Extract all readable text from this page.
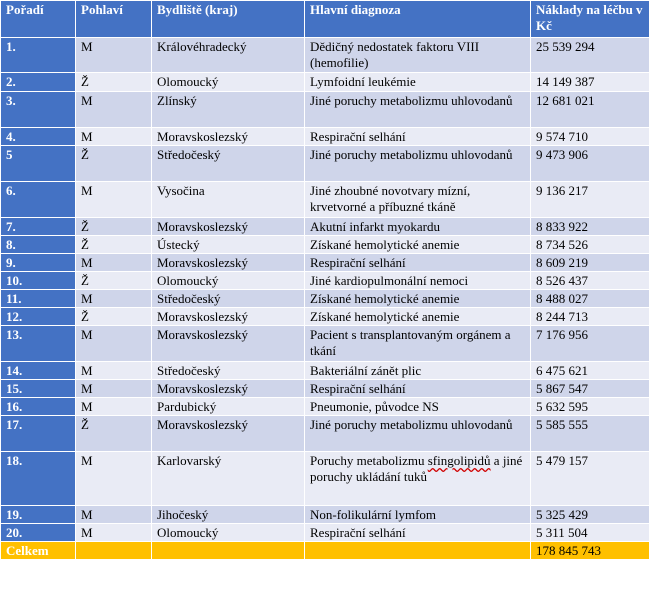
Pořadí	Pohlaví	Bydliště (kraj)	Hlavní diagnoza	Náklady na léčbu v Kč
1.	M	Královéhradecký	Dědičný nedostatek faktoru VIII (hemofilie)	25 539 294
2.	Ž	Olomoucký	Lymfoidní leukémie	14 149 387
3.	M	Zlínský	Jiné poruchy metabolizmu uhlovodanů	12 681 021
4.	M	Moravskoslezský	Respirační selhání	9 574 710
5	Ž	Středočeský	Jiné poruchy metabolizmu uhlovodanů	9 473 906
6.	M	Vysočina	Jiné zhoubné novotvary mízní, krvetvorné a příbuzné tkáně	9 136 217
7.	Ž	Moravskoslezský	Akutní infarkt myokardu	8 833 922
8.	Ž	Ústecký	Získané hemolytické anemie	8 734 526
9.	M	Moravskoslezský	Respirační selhání	8 609 219
10.	Ž	Olomoucký	Jiné kardiopulmonální nemoci	8 526 437
11.	M	Středočeský	Získané hemolytické anemie	8 488 027
12.	Ž	Moravskoslezský	Získané hemolytické anemie	8 244 713
13.	M	Moravskoslezský	Pacient s transplantovaným orgánem a tkání	7 176 956
14.	M	Středočeský	Bakteriální zánět plic	6 475 621
15.	M	Moravskoslezský	Respirační selhání	5 867 547
16.	M	Pardubický	Pneumonie, původce NS	5 632 595
17.	Ž	Moravskoslezský	Jiné poruchy metabolizmu uhlovodanů	5 585 555
18.	M	Karlovarský	Poruchy metabolizmu sfingolipidů a jiné poruchy ukládání tuků	5 479 157
19.	M	Jihočeský	Non-folikulární lymfom	5 325 429
20.	M	Olomoucký	Respirační selhání	5 311 504
Celkem				178 845 743
